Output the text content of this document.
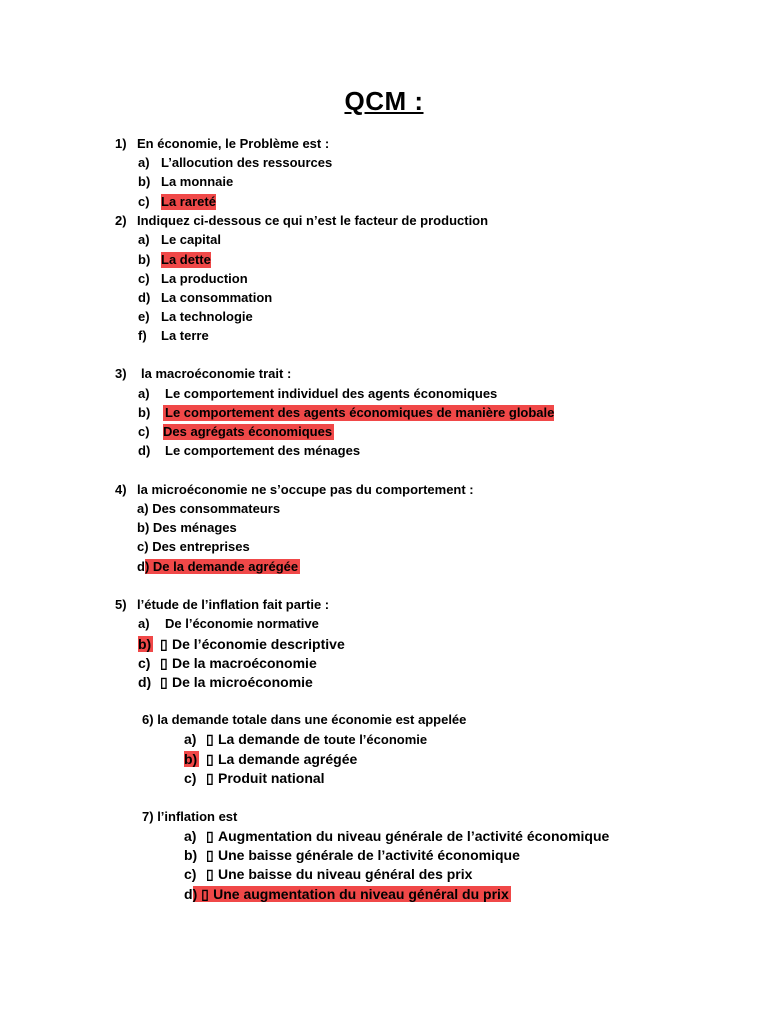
QCM :
1) En économie, le Problème est :
a) L’allocution des ressources
b) La monnaie
c) La rareté
2) Indiquez ci-dessous ce qui n’est le facteur de production
a) Le capital
b) La dette
c) La production
d) La consommation
e) La technologie
f) La terre
3) la macroéconomie trait :
a) Le comportement individuel des agents économiques
b) Le comportement des agents économiques de manière globale
c) Des agrégats économiques
d) Le comportement des ménages
4) la microéconomie ne s’occupe pas du comportement :
a) Des consommateurs
b) Des ménages
c) Des entreprises
d) De la demande agrégée
5) l’étude de l’inflation fait partie :
a) De l’économie normative
b) ▯ De l’économie descriptive
c) ▯ De la macroéconomie
d) ▯ De la microéconomie
6) la demande totale dans une économie est appelée
a) ▯ La demande de toute l’économie
b) ▯ La demande agrégée
c) ▯ Produit national
7) l’inflation est
a) ▯ Augmentation du niveau générale de l’activité économique
b) ▯ Une baisse générale de l’activité économique
c) ▯ Une baisse du niveau général des prix
d) ▯ Une augmentation du niveau général du prix
